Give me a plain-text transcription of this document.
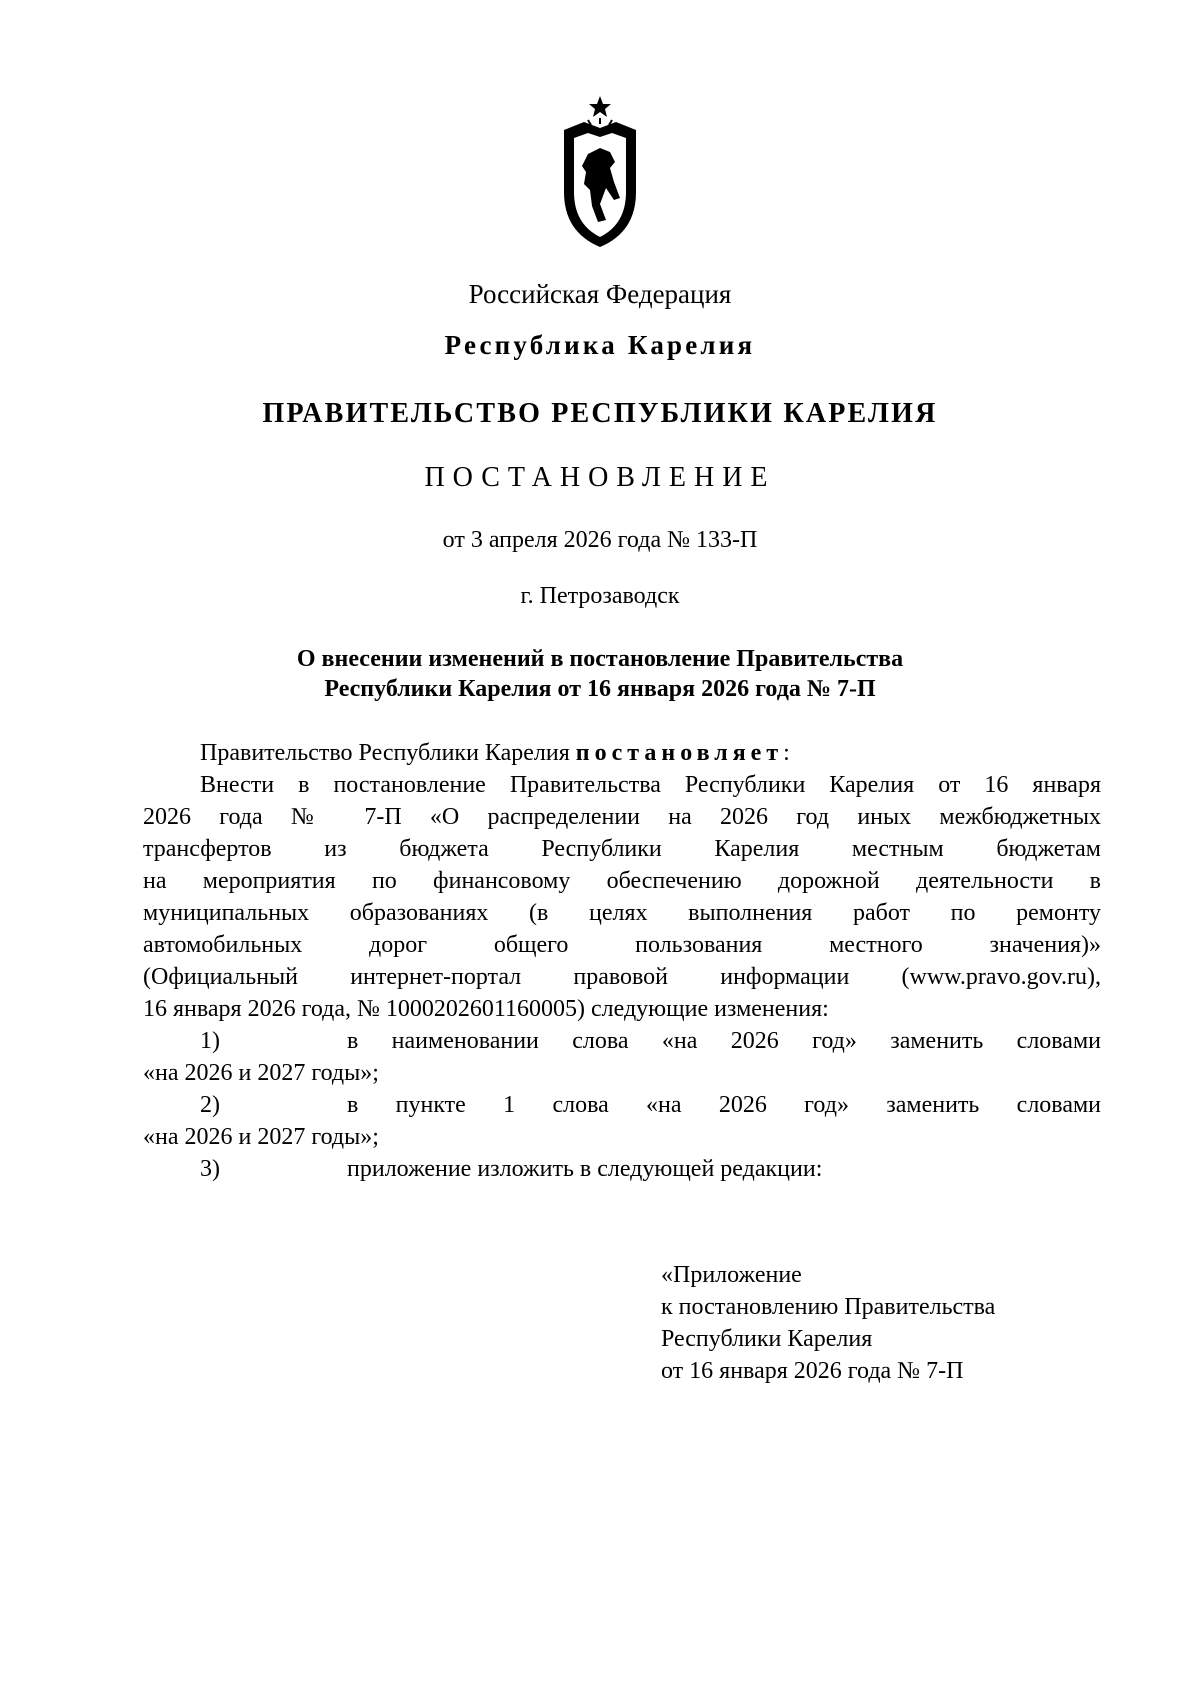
Российская Федерация
Республика Карелия
ПРАВИТЕЛЬСТВО РЕСПУБЛИКИ КАРЕЛИЯ
ПОСТАНОВЛЕНИЕ
от 3 апреля 2026 года № 133-П
г. Петрозаводск
О внесении изменений в постановление Правительства
Республики Карелия от 16 января 2026 года № 7-П
Правительство Республики Карелия постановляет:
Внести в постановление Правительства Республики Карелия от 16 января
2026 года № 7-П «О распределении на 2026 год иных межбюджетных
трансфертов из бюджета Республики Карелия местным бюджетам
на мероприятия по финансовому обеспечению дорожной деятельности в
муниципальных образованиях (в целях выполнения работ по ремонту
автомобильных дорог общего пользования местного значения)»
(Официальный интернет-портал правовой информации (www.pravo.gov.ru),
16 января 2026 года, № 1000202601160005) следующие изменения:
1)	в наименовании слова «на 2026 год» заменить словами
«на 2026 и 2027 годы»;
2)	в пункте 1 слова «на 2026 год» заменить словами
«на 2026 и 2027 годы»;
3)	приложение изложить в следующей редакции:
«Приложение
к постановлению Правительства
Республики Карелия
от 16 января 2026 года № 7-П
